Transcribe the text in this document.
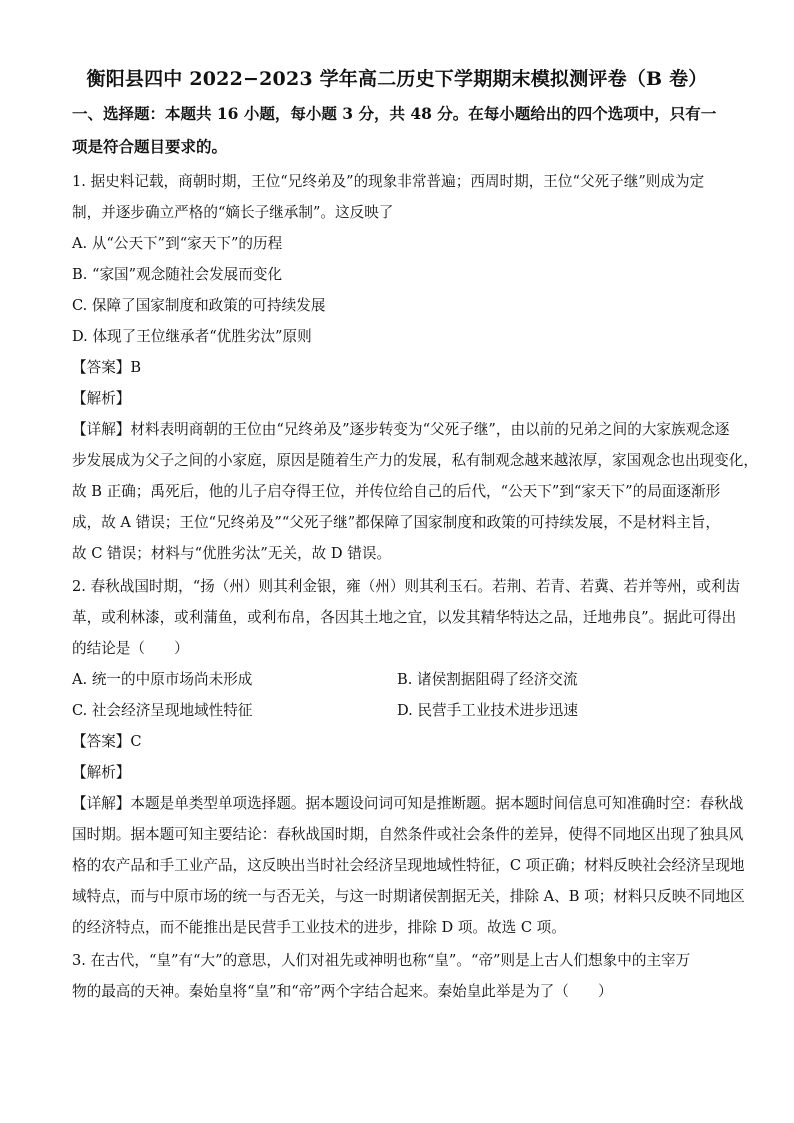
衡阳县四中 2022−2023 学年高二历史下学期期末模拟测评卷（B 卷）
一、选择题：本题共 16 小题，每小题 3 分，共 48 分。在每小题给出的四个选项中，只有一
项是符合题目要求的。
1. 据史料记载，商朝时期，王位“兄终弟及”的现象非常普遍；西周时期，王位“父死子继”则成为定
制，并逐步确立严格的“嫡长子继承制”。这反映了
A. 从“公天下”到“家天下”的历程
B. “家国”观念随社会发展而变化
C. 保障了国家制度和政策的可持续发展
D. 体现了王位继承者“优胜劣汰”原则
【答案】B
【解析】
【详解】材料表明商朝的王位由“兄终弟及”逐步转变为“父死子继”，由以前的兄弟之间的大家族观念逐
步发展成为父子之间的小家庭，原因是随着生产力的发展，私有制观念越来越浓厚，家国观念也出现变化，
故 B 正确；禹死后，他的儿子启夺得王位，并传位给自己的后代，“公天下”到“家天下”的局面逐渐形
成，故 A 错误；王位“兄终弟及”“父死子继”都保障了国家制度和政策的可持续发展，不是材料主旨，
故 C 错误；材料与“优胜劣汰”无关，故 D 错误。
2. 春秋战国时期，“扬（州）则其利金银，雍（州）则其利玉石。若荆、若青、若冀、若并等州，或利齿
革，或利林漆，或利蒲鱼，或利布帛，各因其土地之宜，以发其精华特达之品，迁地弗良”。据此可得出
的结论是（　　）
A. 统一的中原市场尚未形成	B. 诸侯割据阻碍了经济交流
C. 社会经济呈现地域性特征	D. 民营手工业技术进步迅速
【答案】C
【解析】
【详解】本题是单类型单项选择题。据本题设问词可知是推断题。据本题时间信息可知准确时空：春秋战
国时期。据本题可知主要结论：春秋战国时期，自然条件或社会条件的差异，使得不同地区出现了独具风
格的农产品和手工业产品，这反映出当时社会经济呈现地域性特征，C 项正确；材料反映社会经济呈现地
域特点，而与中原市场的统一与否无关，与这一时期诸侯割据无关，排除 A、B 项；材料只反映不同地区
的经济特点，而不能推出是民营手工业技术的进步，排除 D 项。故选 C 项。
3. 在古代，“皇”有“大”的意思，人们对祖先或神明也称“皇”。“帝”则是上古人们想象中的主宰万
物的最高的天神。秦始皇将“皇”和“帝”两个字结合起来。秦始皇此举是为了（　　）
